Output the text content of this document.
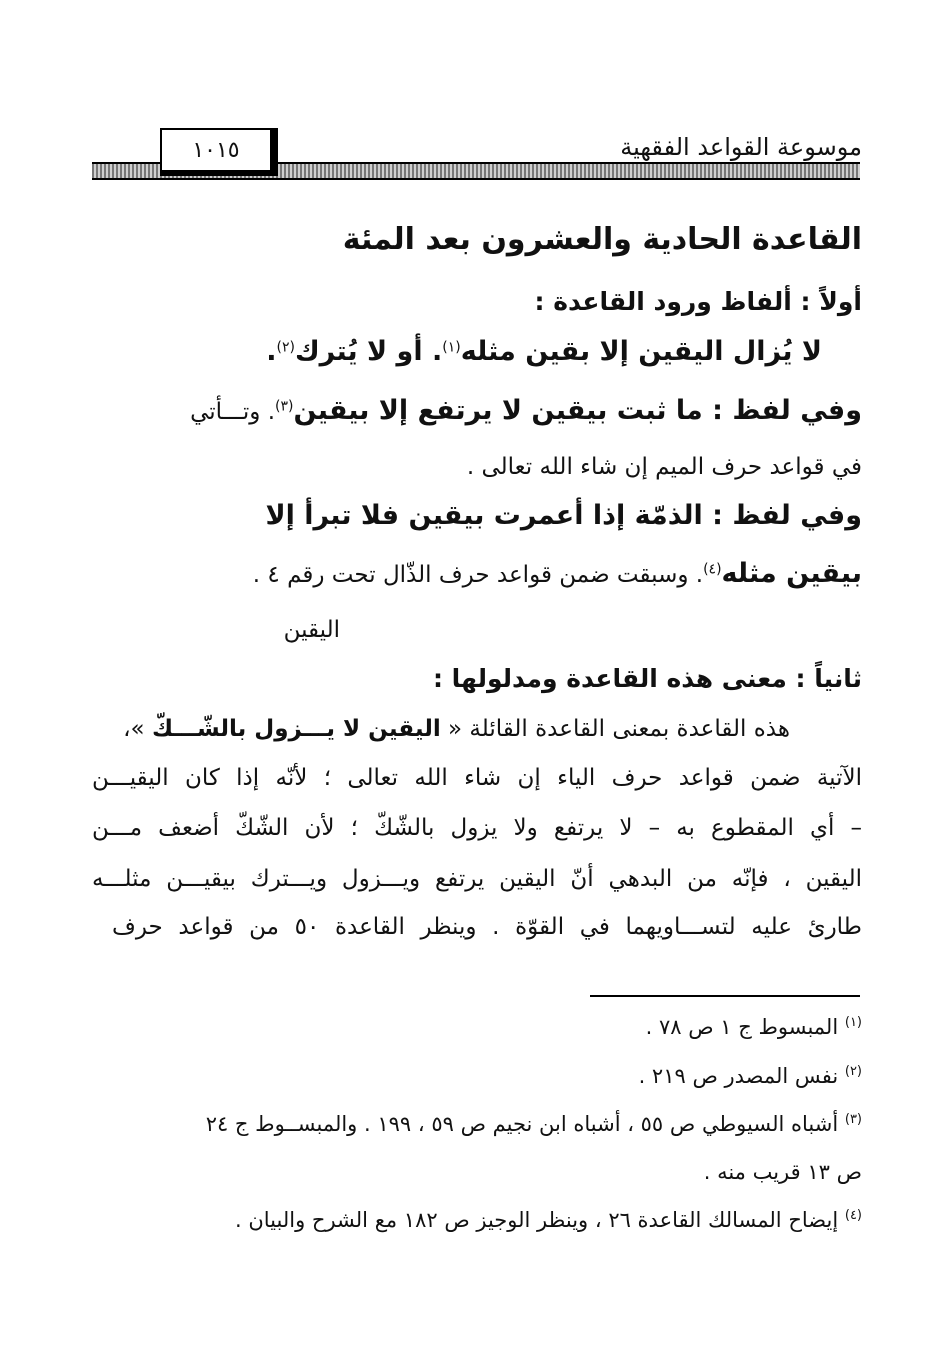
موسوعة القواعد الفقهية
١٠١٥
القاعدة الحادية والعشرون بعد المئة
أولاً : ألفاظ ورود القاعدة :
لا يُزال اليقين إلا بقين مثله$^{(١)}$. أو لا يُترك$^{(٢)}$.
وفي لفظ : ما ثبت بيقين لا يرتفع إلا بيقين$^{(٣)}$. وتـــأتي
في قواعد حرف الميم إن شاء الله تعالى .
وفي لفظ : الذمّة إذا أعمرت بيقين فلا تبرأ إلا
بيقين مثله$^{(٤)}$. وسبقت ضمن قواعد حرف الذّال تحت رقم ٤ .
اليقين
ثانياً : معنى هذه القاعدة ومدلولها :
هذه القاعدة بمعنى القاعدة القائلة « اليقين لا يـــزول بالشّـــكّ »،
الآتية ضمن قواعد حرف الياء إن شاء الله تعالى ؛ لأنّه إذا كان اليقيـــن
– أي المقطوع به – لا يرتفع ولا يزول بالشّكّ ؛ لأن الشّكّ أضعف مـــن
اليقين ، فإنّه من البدهي أنّ اليقين يرتفع ويـــزول ويـــترك بيقيـــن مثلـــه
طارئ عليه لتســـاويهما في القوّة . وينظر القاعدة ٥٠ من قواعد حرف
$^{(١)}$ المبسوط ج ١ ص ٧٨ .
$^{(٢)}$ نفس المصدر ص ٢١٩ .
$^{(٣)}$ أشباه السيوطي ص ٥٥ ، أشباه ابن نجيم ص ٥٩ ، ١٩٩ . والمبســوط ج ٢٤
ص ١٣ قريب منه .
$^{(٤)}$ إيضاح المسالك القاعدة ٢٦ ، وينظر الوجيز ص ١٨٢ مع الشرح والبيان .
